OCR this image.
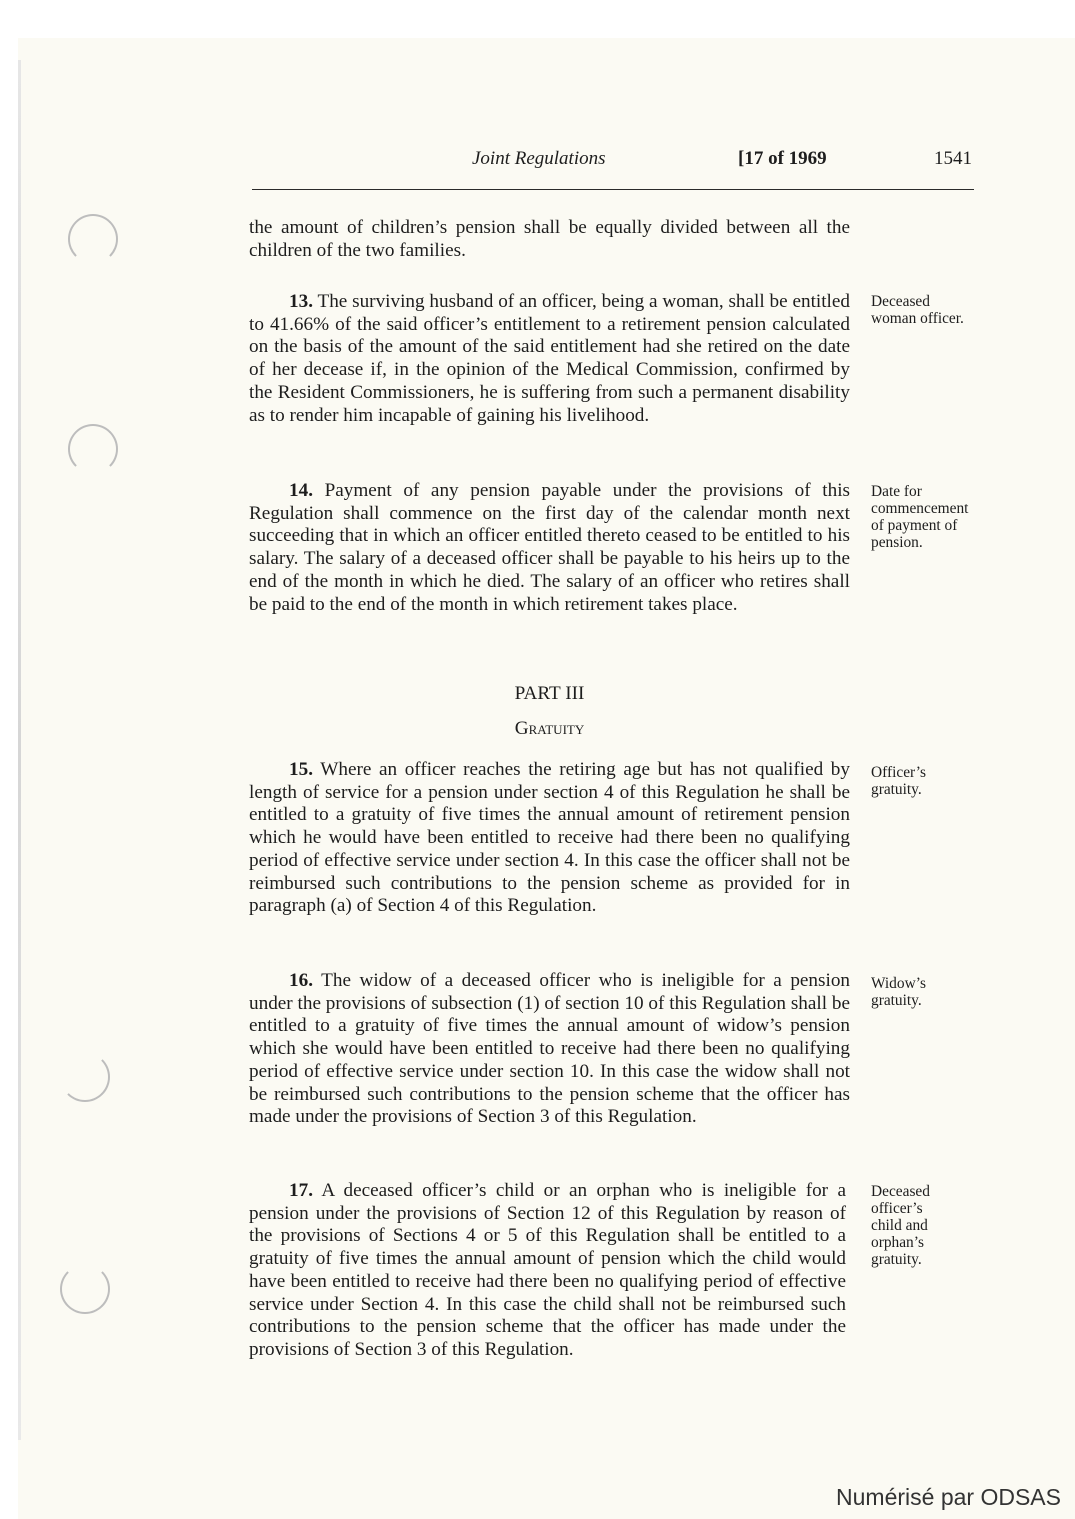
Joint Regulations	[17 of 1969	1541

the amount of children’s pension shall be equally divided between all the children of the two families.

13. The surviving husband of an officer, being a woman, shall be entitled to 41.66% of the said officer’s entitlement to a retirement pension calculated on the basis of the amount of the said entitlement had she retired on the date of her decease if, in the opinion of the Medical Commission, confirmed by the Resident Commissioners, he is suffering from such a permanent disability as to render him incapable of gaining his livelihood.

Deceased woman officer.

14. Payment of any pension payable under the provisions of this Regulation shall commence on the first day of the calendar month next succeeding that in which an officer entitled thereto ceased to be entitled to his salary. The salary of a deceased officer shall be payable to his heirs up to the end of the month in which he died. The salary of an officer who retires shall be paid to the end of the month in which retirement takes place.

Date for commencement of payment of pension.

PART III
Gratuity

15. Where an officer reaches the retiring age but has not qualified by length of service for a pension under section 4 of this Regulation he shall be entitled to a gratuity of five times the annual amount of retirement pension which he would have been entitled to receive had there been no qualifying period of effective service under section 4. In this case the officer shall not be reimbursed such contributions to the pension scheme as provided for in paragraph (a) of Section 4 of this Regulation.

Officer’s gratuity.

16. The widow of a deceased officer who is ineligible for a pension under the provisions of subsection (1) of section 10 of this Regulation shall be entitled to a gratuity of five times the annual amount of widow’s pension which she would have been entitled to receive had there been no qualifying period of effective service under section 10. In this case the widow shall not be reimbursed such contributions to the pension scheme that the officer has made under the provisions of Section 3 of this Regulation.

Widow’s gratuity.

17. A deceased officer’s child or an orphan who is ineligible for a pension under the provisions of Section 12 of this Regulation by reason of the provisions of Sections 4 or 5 of this Regulation shall be entitled to a gratuity of five times the annual amount of pension which the child would have been entitled to receive had there been no qualifying period of effective service under Section 4. In this case the child shall not be reimbursed such contributions to the pension scheme that the officer has made under the provisions of Section 3 of this Regulation.

Deceased officer’s child and orphan’s gratuity.

Numérisé par ODSAS
